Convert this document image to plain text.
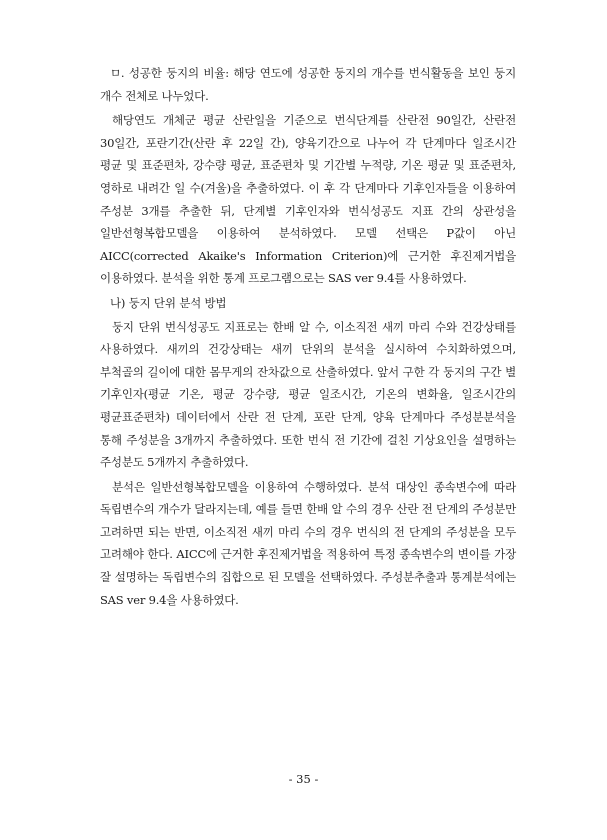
ㅁ. 성공한 둥지의 비율: 해당 연도에 성공한 둥지의 개수를 번식활동을 보인 둥지 개수 전체로 나누었다.

해당연도 개체군 평균 산란일을 기준으로 번식단계를 산란전 90일간, 산란전 30일간, 포란기간(산란 후 22일 간), 양육기간으로 나누어 각 단계마다 일조시간 평균 및 표준편차, 강수량 평균, 표준편차 및 기간별 누적량, 기온 평균 및 표준편차, 영하로 내려간 일 수(겨울)을 추출하였다. 이 후 각 단계마다 기후인자들을 이용하여 주성분 3개를 추출한 뒤, 단계별 기후인자와 번식성공도 지표 간의 상관성을 일반선형복합모델을 이용하여 분석하였다. 모델 선택은 P값이 아닌 AICC(corrected Akaike's Information Criterion)에 근거한 후진제거법을 이용하였다. 분석을 위한 통계 프로그램으로는 SAS ver 9.4를 사용하였다.

나) 둥지 단위 분석 방법

둥지 단위 번식성공도 지표로는 한배 알 수, 이소직전 새끼 마리 수와 건강상태를 사용하였다. 새끼의 건강상태는 새끼 단위의 분석을 실시하여 수치화하였으며, 부척골의 길이에 대한 몸무게의 잔차값으로 산출하였다. 앞서 구한 각 둥지의 구간 별 기후인자(평균 기온, 평균 강수량, 평균 일조시간, 기온의 변화율, 일조시간의 평균표준편차) 데이터에서 산란 전 단계, 포란 단계, 양육 단계마다 주성분분석을 통해 주성분을 3개까지 추출하였다. 또한 번식 전 기간에 걸친 기상요인을 설명하는 주성분도 5개까지 추출하였다.

분석은 일반선형복합모델을 이용하여 수행하였다. 분석 대상인 종속변수에 따라 독립변수의 개수가 달라지는데, 예를 들면 한배 알 수의 경우 산란 전 단계의 주성분만 고려하면 되는 반면, 이소직전 새끼 마리 수의 경우 번식의 전 단계의 주성분을 모두 고려해야 한다. AICC에 근거한 후진제거법을 적용하여 특정 종속변수의 변이를 가장 잘 설명하는 독립변수의 집합으로 된 모델을 선택하였다. 주성분추출과 통계분석에는 SAS ver 9.4을 사용하였다.

- 35 -
